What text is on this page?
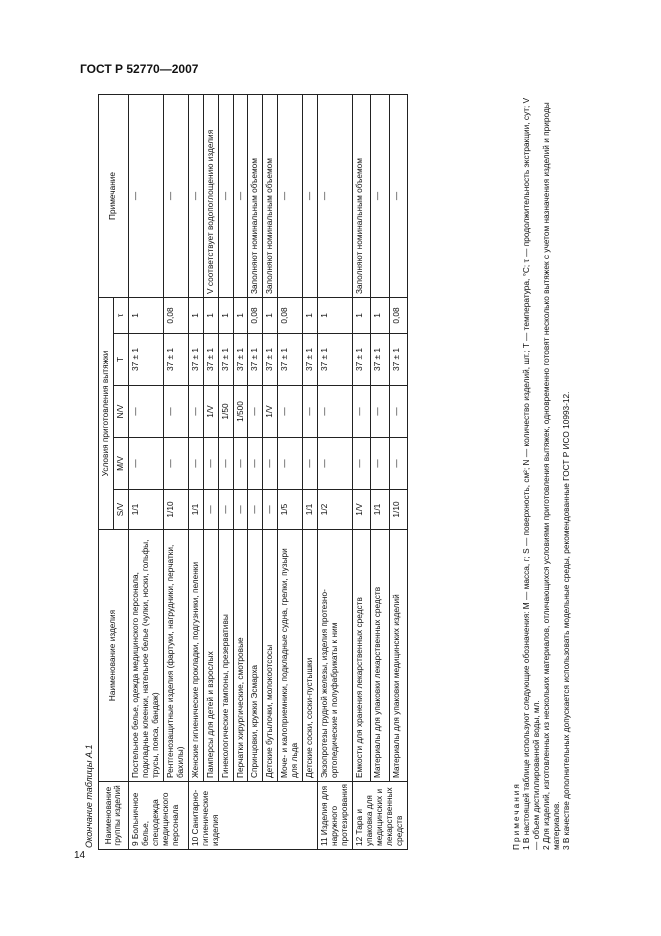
ГОСТ Р 52770—2007
Окончание таблицы А.1 Наименование группы изделий	Наименование изделия	Условия приготовления вытяжки					Примечание
		S/V	M/V	N/V	T	τ	
9 Больничное белье, спецодежда медицинского персонала	Постельное белье, одежда медицинского персонала, подкладные клеенки, нательное белье (чулки, носки, гольфы, трусы, пояса, бандаж)	1/1	—	—	37 ± 1	1	—
	Рентгенозащитные изделия (фартуки, нагрудники, перчатки, бахилы)	1/10	—	—	37 ± 1	0,08	—
10 Санитарно-гигиенические изделия	Женские гигиенические прокладки, подгузники, пеленки	1/1	—	—	37 ± 1	1	—
	Памперсы для детей и взрослых	—	—	1/V	37 ± 1	1	V соответствует водопоглощению изделия
	Гинекологические тампоны, презервативы	—	—	1/50	37 ± 1	1	—
	Перчатки хирургические, смотровые	—	—	1/500	37 ± 1	1	—
	Спринцовки, кружки Эсмарха	—	—	—	37 ± 1	0,08	Заполняют номинальным объемом
	Детские бутылочки, молокоотсосы	—	—	1/V	37 ± 1	1	Заполняют номинальным объемом
	Моче- и калоприемники, подкладные судна, грелки, пузыри для льда	1/5	—	—	37 ± 1	0,08	—
	Детские соски, соски-пустышки	1/1	—	—	37 ± 1	1	—
11 Изделия для наружного протезирования	Экзопротезы грудной железы, изделия протезно-ортопедические и полуфабрикаты к ним	1/2	—	—	37 ± 1	1	—
12 Тара и упаковка для медицинских и лекарственных средств	Емкости для хранения лекарственных средств	1/V	—	—	37 ± 1	1	Заполняют номинальным объемом
	Материалы для упаковки лекарственных средств	1/1	—	—	37 ± 1	1	—
	Материалы для упаковки медицинских изделий	1/10	—	—	37 ± 1	0,08	—

Примечания 1 В настоящей таблице используют следующие обозначения: M — масса, г; S — поверхность, см²; N — количество изделий, шт.; T — температура, °С; τ — продолжительность экстракции, сут; V — объем дистиллированной воды, мл. 2 Для изделий, изготовленных из нескольких материалов, отличающихся условиями приготовления вытяжек, одновременно готовят несколько вытяжек с учетом назначения изделий и природы материалов. 3 В качестве дополнительных допускается использовать модельные среды, рекомендованные ГОСТ Р ИСО 10993-12.

14
